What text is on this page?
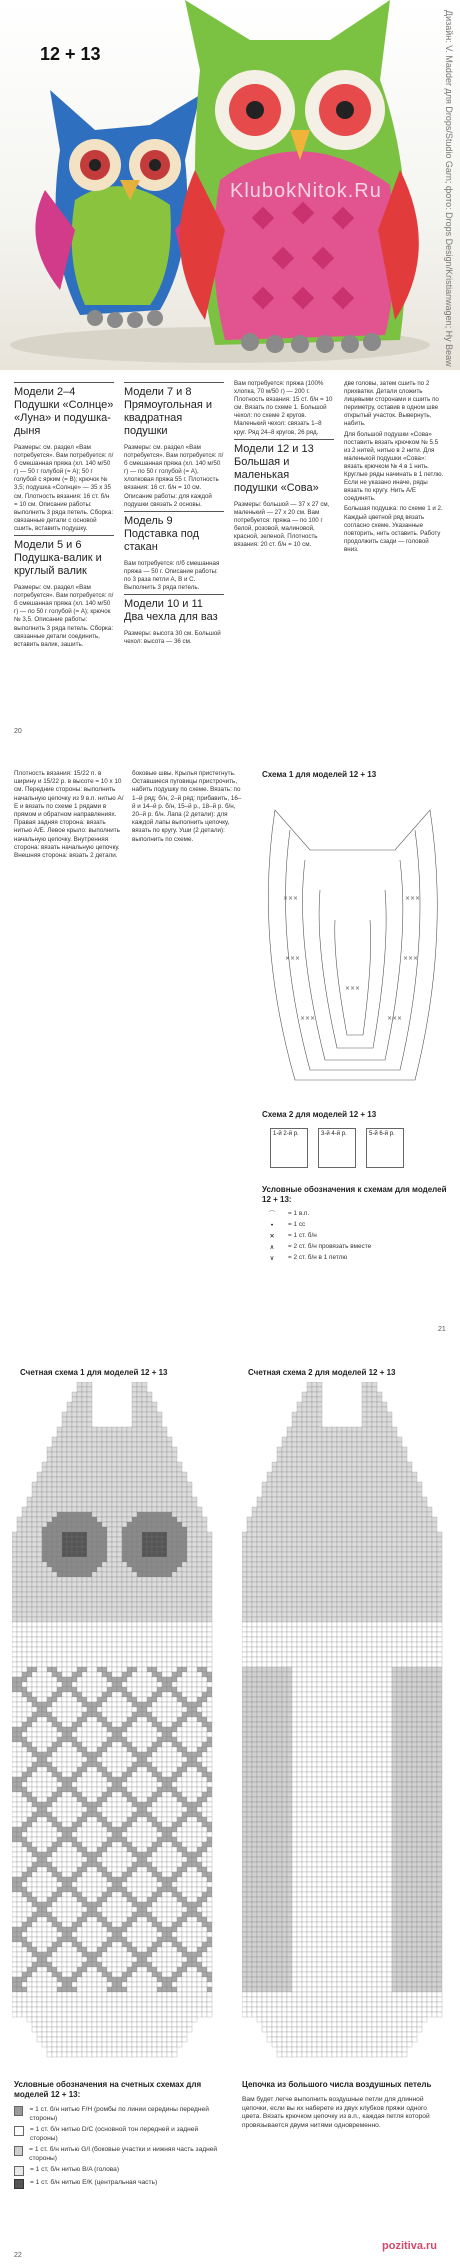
12 + 13
KlubokNitok.Ru	Дизайн: V. Madder для Drops/Studio Garn; фото: Drops Design/Kristianwagen; Ну Beaw
Модели 2–4 Подушки «Солнце» «Луна» и подушка-дыня

Размеры: см. раздел «Вам потребуется». Вам потребуется: п/б смешанная пряжа (хл. 140 м/50 г) — 50 г голубой (= А); 50 г голубой с ярким (= В); крючок № 3,5; подушка «Солнце» — 35 х 35 см. Плотность вязания: 16 ст. б/н = 10 см. Описание работы: выполнить 3 ряда петель. Сборка: связанные детали с основой сшить, вставить подушку.

Модели 5 и 6 Подушка-валик и круглый валик

Размеры: см. раздел «Вам потребуется». Вам потребуется: п/б смешанная пряжа (хл. 140 м/50 г) — по 50 г голубой (= А); крючок № 3,5. Описание работы: выполнить 3 ряда петель. Сборка: связанные детали соединить, вставить валик, зашить.

Модели 7 и 8 Прямоугольная и квадратная подушки

Размеры: см. раздел «Вам потребуется». Вам потребуется: п/б смешанная пряжа (хл. 140 м/50 г) — по 50 г голубой (= А), хлопковая пряжа 55 г. Плотность вязания: 16 ст. б/н = 10 см. Описание работы: для каждой подушки связать 2 основы.

Модель 9 Подставка под стакан

Вам потребуется: п/б смешанная пряжа — 50 г. Описание работы: по 3 раза петли А, В и С. Выполнить 3 ряда петель.

Модели 10 и 11 Два чехла для ваз

Размеры: высота 30 см. Большой чехол: высота — 36 см.

Вам потребуется: пряжа (100% хлопка, 70 м/50 г) — 200 г. Плотность вязания: 15 ст. б/н = 10 см. Вязать по схеме 1. Большой чехол: по схеме 2 кругов. Маленький чехол: связать 1–8 круг. Ряд 24–8 кругов, 26 ряд.

Модели 12 и 13 Большая и маленькая подушки «Сова»

Размеры: большой — 37 х 27 см, маленький — 27 х 20 см. Вам потребуется: пряжа — по 100 г белой, розовой, малиновой, красной, зеленой. Плотность вязания: 20 ст. б/н = 10 см.

две головы, затем сшить по 2 прихватки. Детали сложить лицевыми сторонами и сшить по периметру, оставив в одном шве открытый участок. Вывернуть, набить.

Для большой подушки «Сова» поставить вязать крючком № 5.5 из 2 нитей, нитью в 2 нити. Для маленькой подушки «Сова»: вязать крючком № 4 в 1 нить. Круглые ряды начинать в 1 петлю. Если не указано иначе, ряды вязать по кругу. Нить А/Е соединять.

Большая подушка: по схеме 1 и 2. Каждый цветной ряд вязать согласно схеме. Указанные повторить, нить оставить. Работу продолжить сзади — головой вниз.

20
Плотность вязания: 15/22 п. в ширину и 15/22 р. в высоте = 10 х 10 см. Передние стороны: выполнить начальную цепочку из 9 в.п. нитью А/Е и вязать по схеме 1 рядами в прямом и обратном направлениях. Правая задняя сторона: вязать нитью А/Е. Левое крыло: выполнить начальную цепочку. Внутренняя сторона: вязать начальную цепочку. Внешняя сторона: вязать 2 детали.
боковые швы. Крылья пристегнуть. Оставшиеся пуговицы пристрочить, набить подушку по схеме. Вязать: по 1–й ряд: б/н, 2–й ряд: прибавить, 16–й и 14–й р. б/н, 15–й р., 18–й р. б/н, 20–й р. б/н. Лапа (2 детали): для каждой лапы выполнить цепочку, вязать по кругу. Уши (2 детали): выполнить по схеме.
Схема 1 для моделей 12 + 13
×××	×××
×××	×××
×××	×××
×××
Схема 2 для моделей 12 + 13
1-й 2-й р.	3-й 4-й р.	5-й 6-й р.
Условные обозначения к схемам для моделей 12 + 13:
⌒	= 1 в.п.
•	= 1 сс
✕	= 1 ст. б/н
∧	= 2 ст. б/н провязать вместе
∨	= 2 ст. б/н в 1 петлю
21
Счетная схема 1 для моделей 12 + 13	Счетная схема 2 для моделей 12 + 13
Условные обозначения на счетных схемах для моделей 12 + 13:
= 1 ст. б/н нитью F/H (ромбы по линии середины передней стороны)
= 1 ст. б/н нитью D/C (основной тон передней и задней стороны)
= 1 ст. б/н нитью G/I (боковые участки и нижняя часть задней стороны)
= 1 ст. б/н нитью B/A (голова)
= 1 ст. б/н нитью E/K (центральная часть)
Цепочка из большого числа воздушных петель
Вам будет легче выполнить воздушные петли для длинной цепочки, если вы их наберете из двух клубков пряжи одного цвета. Вязать крючком цепочку из в.п., каждая петля которой провязывается двумя нитями одновременно.
22
pozitiva.ru
